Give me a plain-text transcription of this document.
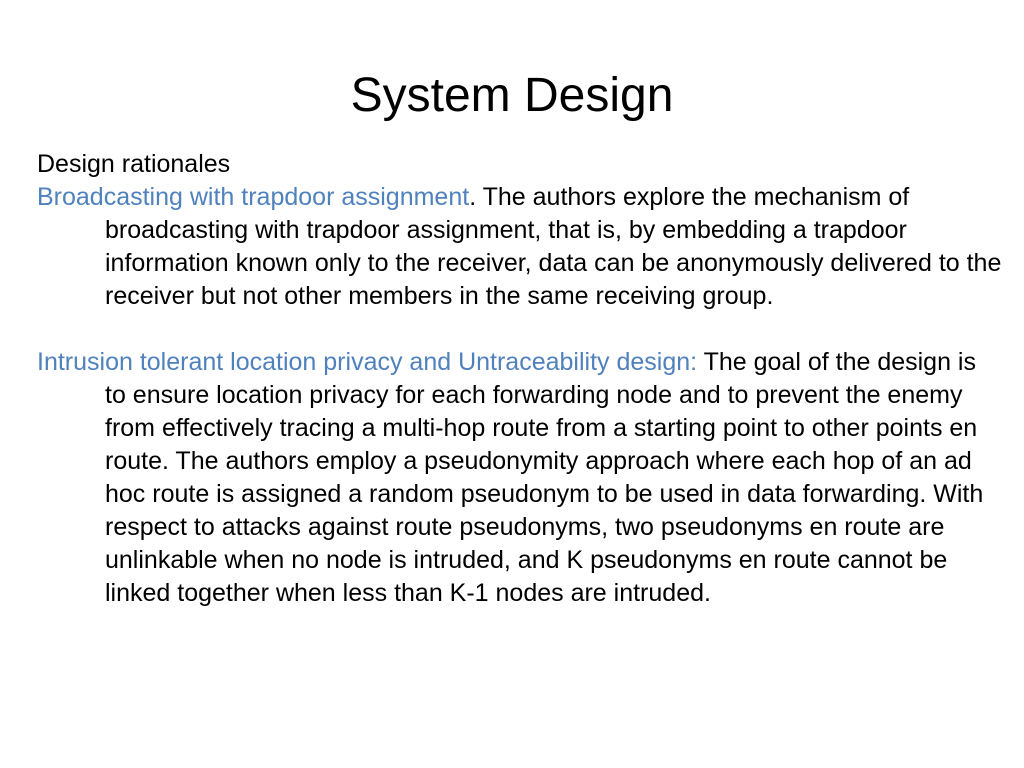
System Design

Design rationales

Broadcasting with trapdoor assignment. The authors explore the mechanism of broadcasting with trapdoor assignment, that is, by embedding a trapdoor information known only to the receiver, data can be anonymously delivered to the receiver but not other members in the same receiving group.

Intrusion tolerant location privacy and Untraceability design: The goal of the design is to ensure location privacy for each forwarding node and to prevent the enemy from effectively tracing a multi-hop route from a starting point to other points en route. The authors employ a pseudonymity approach where each hop of an ad hoc route is assigned a random pseudonym to be used in data forwarding. With respect to attacks against route pseudonyms, two pseudonyms en route are unlinkable when no node is intruded, and K pseudonyms en route cannot be linked together when less than K-1 nodes are intruded.
